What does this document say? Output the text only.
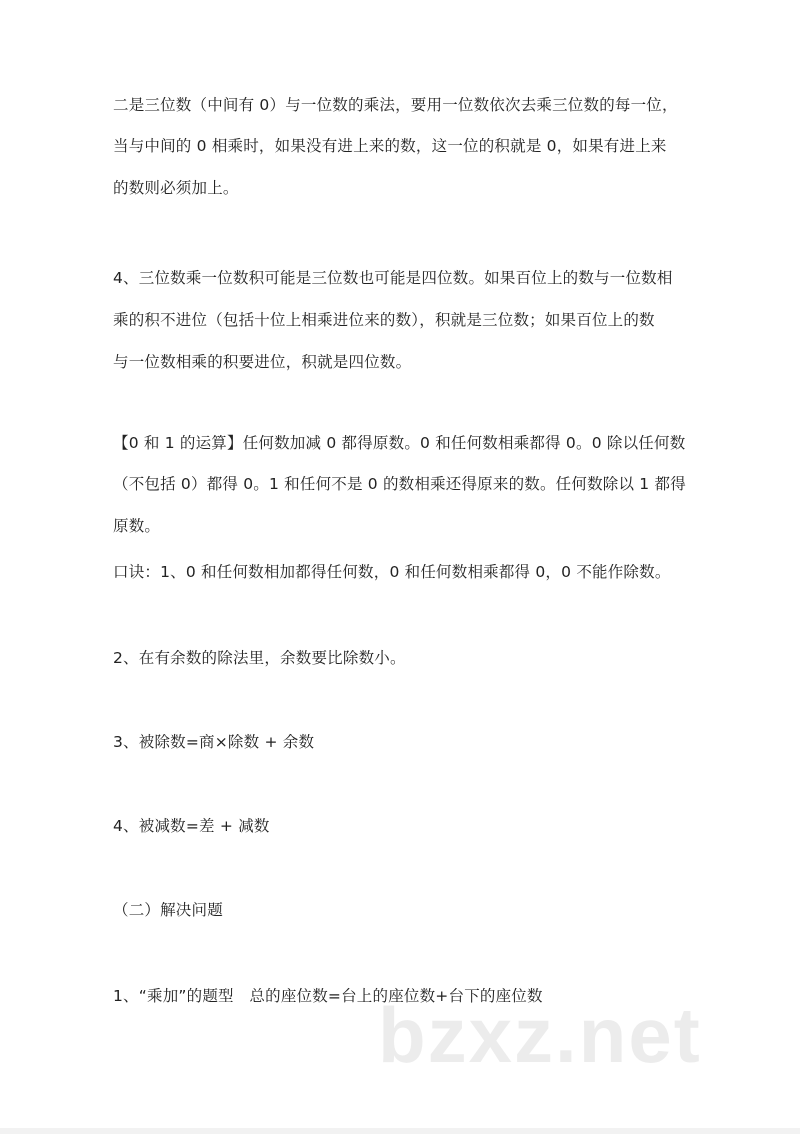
二是三位数（中间有 0）与一位数的乘法，要用一位数依次去乘三位数的每一位，
当与中间的 0 相乘时，如果没有进上来的数，这一位的积就是 0，如果有进上来
的数则必须加上。
4、三位数乘一位数积可能是三位数也可能是四位数。如果百位上的数与一位数相
乘的积不进位（包括十位上相乘进位来的数），积就是三位数；如果百位上的数
与一位数相乘的积要进位，积就是四位数。
【0 和 1 的运算】任何数加减 0 都得原数。0 和任何数相乘都得 0。0 除以任何数
（不包括 0）都得 0。1 和任何不是 0 的数相乘还得原来的数。任何数除以 1 都得
原数。
口诀：1、0 和任何数相加都得任何数，0 和任何数相乘都得 0，0 不能作除数。
2、在有余数的除法里，余数要比除数小。
3、被除数=商×除数 + 余数
4、被减数=差 + 减数
（二）解决问题
1、“乘加”的题型　总的座位数=台上的座位数+台下的座位数
bzxz.net
